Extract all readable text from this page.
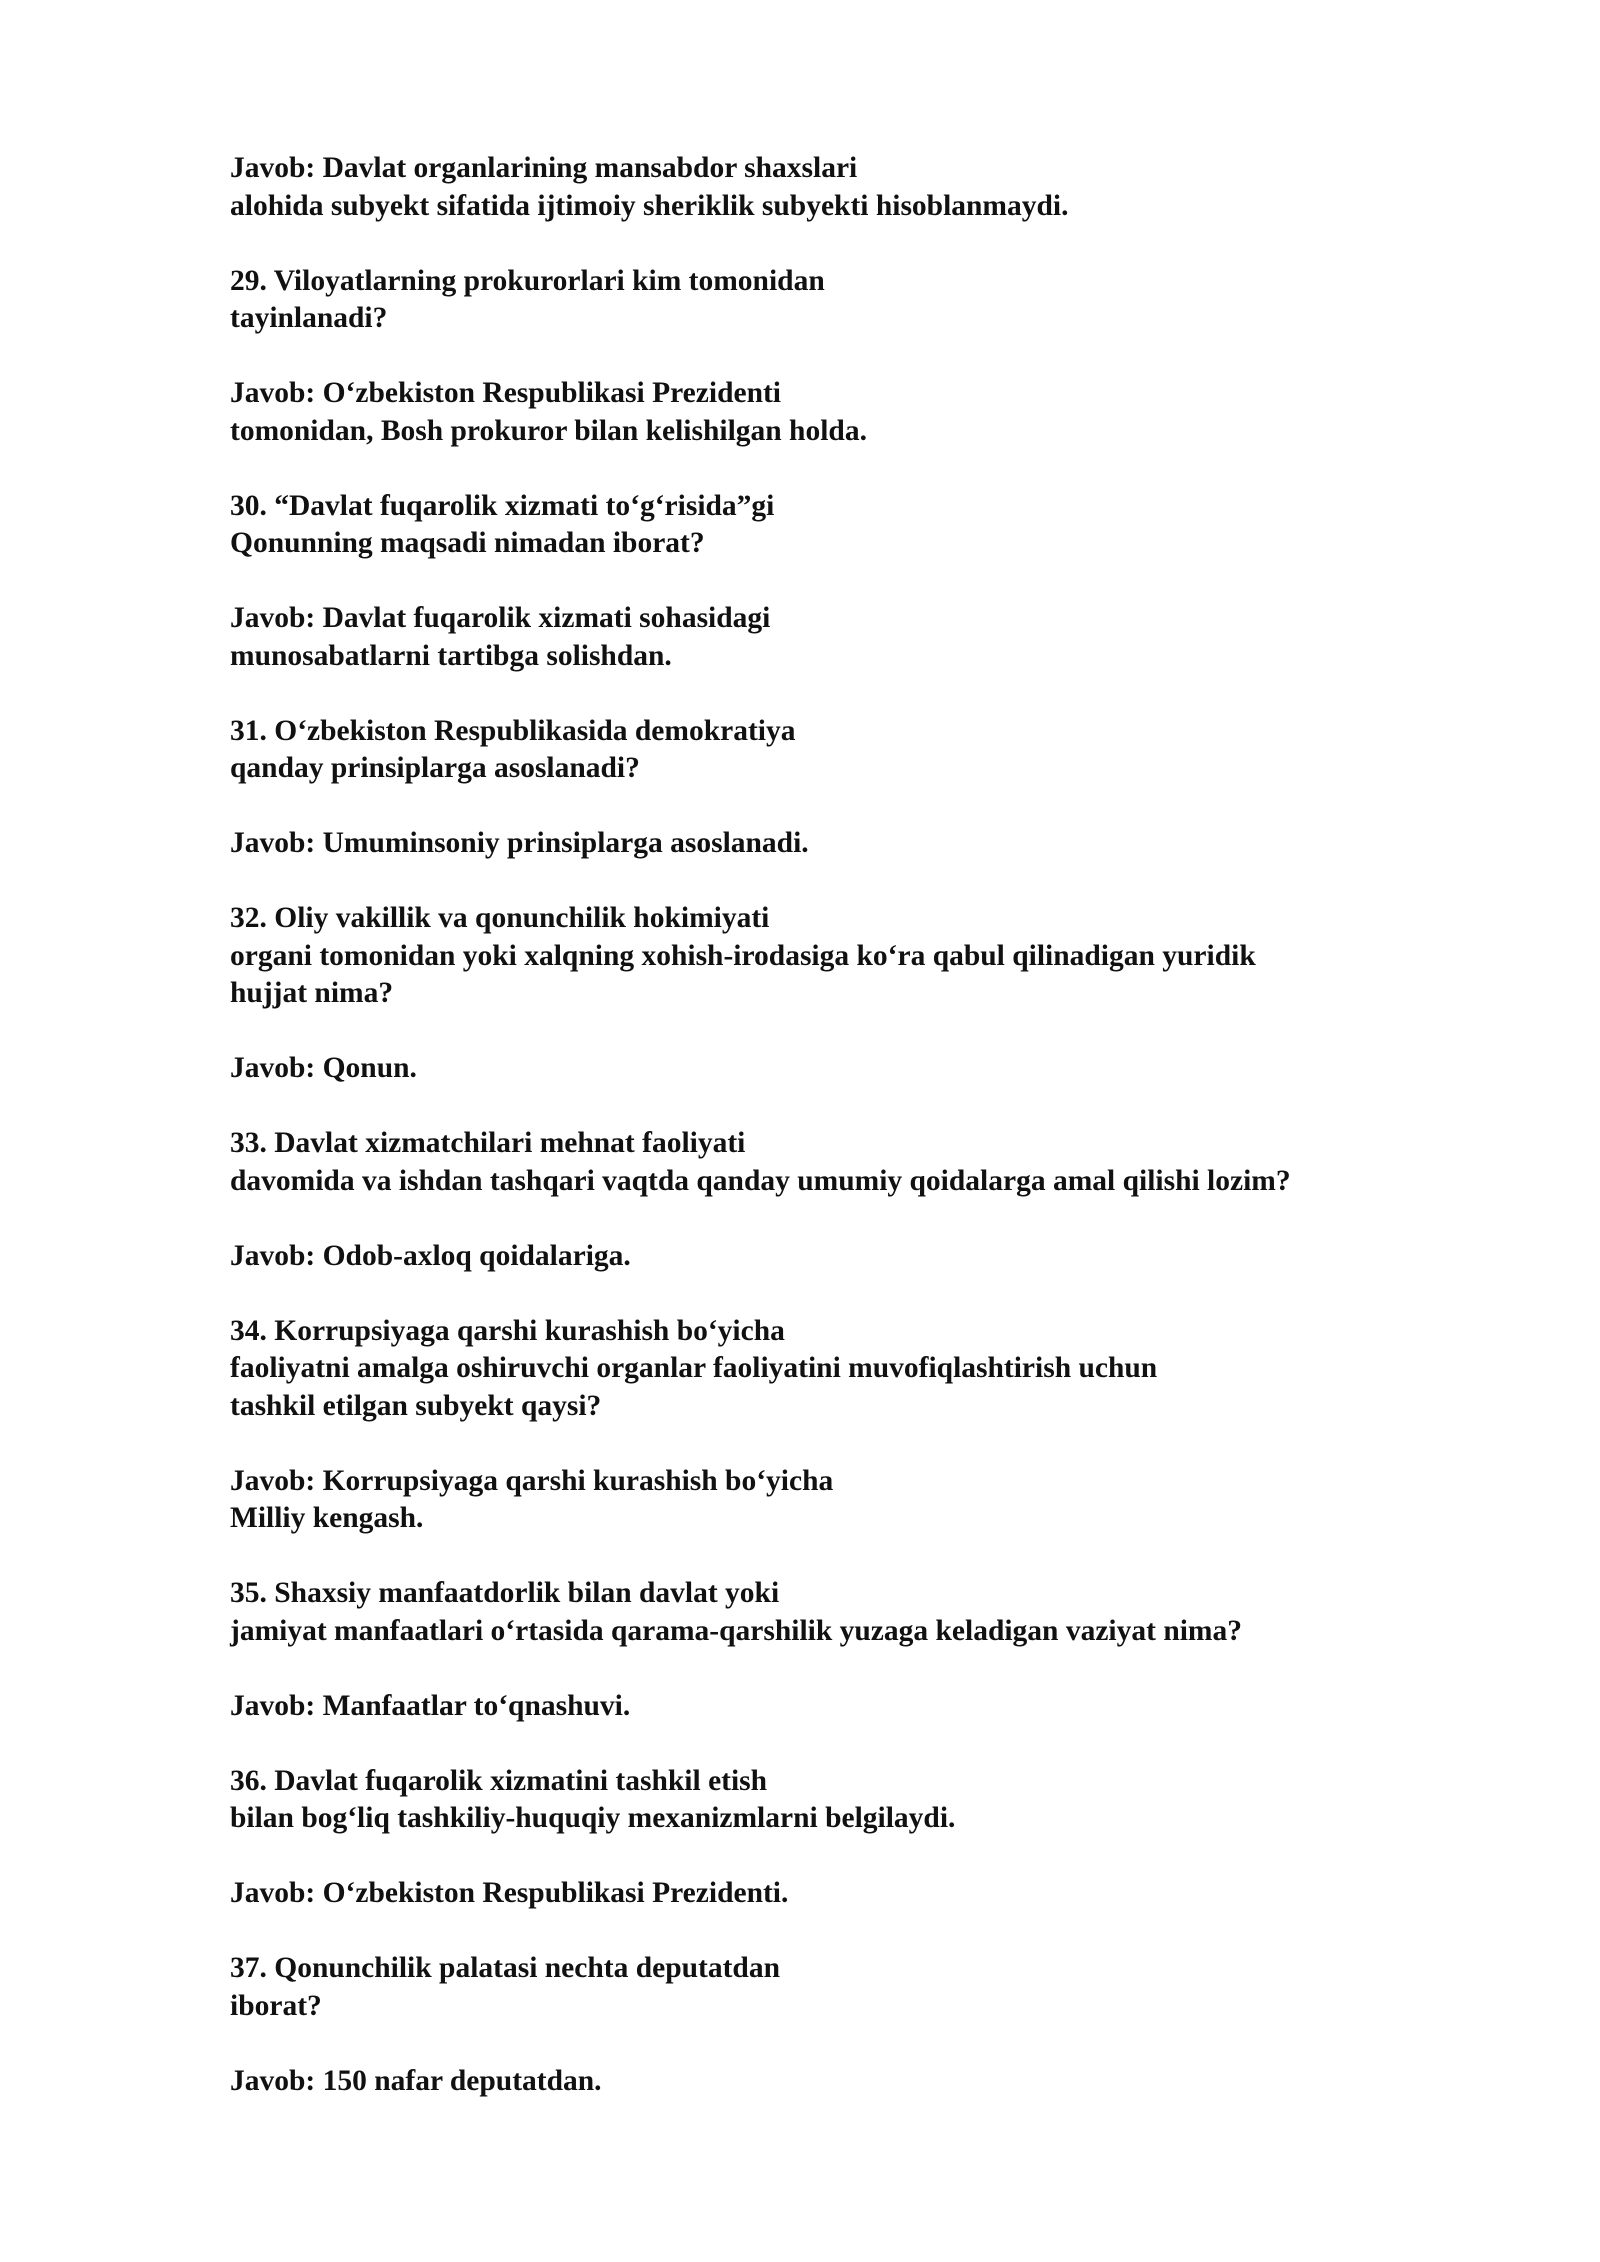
Javob: Davlat organlarining mansabdor shaxslari
alohida subyekt sifatida ijtimoiy sheriklik subyekti hisoblanmaydi.
29. Viloyatlarning prokurorlari kim tomonidan
tayinlanadi?
Javob: O‘zbekiston Respublikasi Prezidenti
tomonidan, Bosh prokuror bilan kelishilgan holda.
30. “Davlat fuqarolik xizmati to‘g‘risida”gi
Qonunning maqsadi nimadan iborat?
Javob: Davlat fuqarolik xizmati sohasidagi
munosabatlarni tartibga solishdan.
31. O‘zbekiston Respublikasida demokratiya
qanday prinsiplarga asoslanadi?
Javob: Umuminsoniy prinsiplarga asoslanadi.
32. Oliy vakillik va qonunchilik hokimiyati
organi tomonidan yoki xalqning xohish-irodasiga ko‘ra qabul qilinadigan yuridik
hujjat nima?
Javob: Qonun.
33. Davlat xizmatchilari mehnat faoliyati
davomida va ishdan tashqari vaqtda qanday umumiy qoidalarga amal qilishi lozim?
Javob: Odob-axloq qoidalariga.
34. Korrupsiyaga qarshi kurashish bo‘yicha
faoliyatni amalga oshiruvchi organlar faoliyatini muvofiqlashtirish uchun
tashkil etilgan subyekt qaysi?
Javob: Korrupsiyaga qarshi kurashish bo‘yicha
Milliy kengash.
35. Shaxsiy manfaatdorlik bilan davlat yoki
jamiyat manfaatlari o‘rtasida qarama-qarshilik yuzaga keladigan vaziyat nima?
Javob: Manfaatlar to‘qnashuvi.
36. Davlat fuqarolik xizmatini tashkil etish
bilan bog‘liq tashkiliy-huquqiy mexanizmlarni belgilaydi.
Javob: O‘zbekiston Respublikasi Prezidenti.
37. Qonunchilik palatasi nechta deputatdan
iborat?
Javob: 150 nafar deputatdan.
